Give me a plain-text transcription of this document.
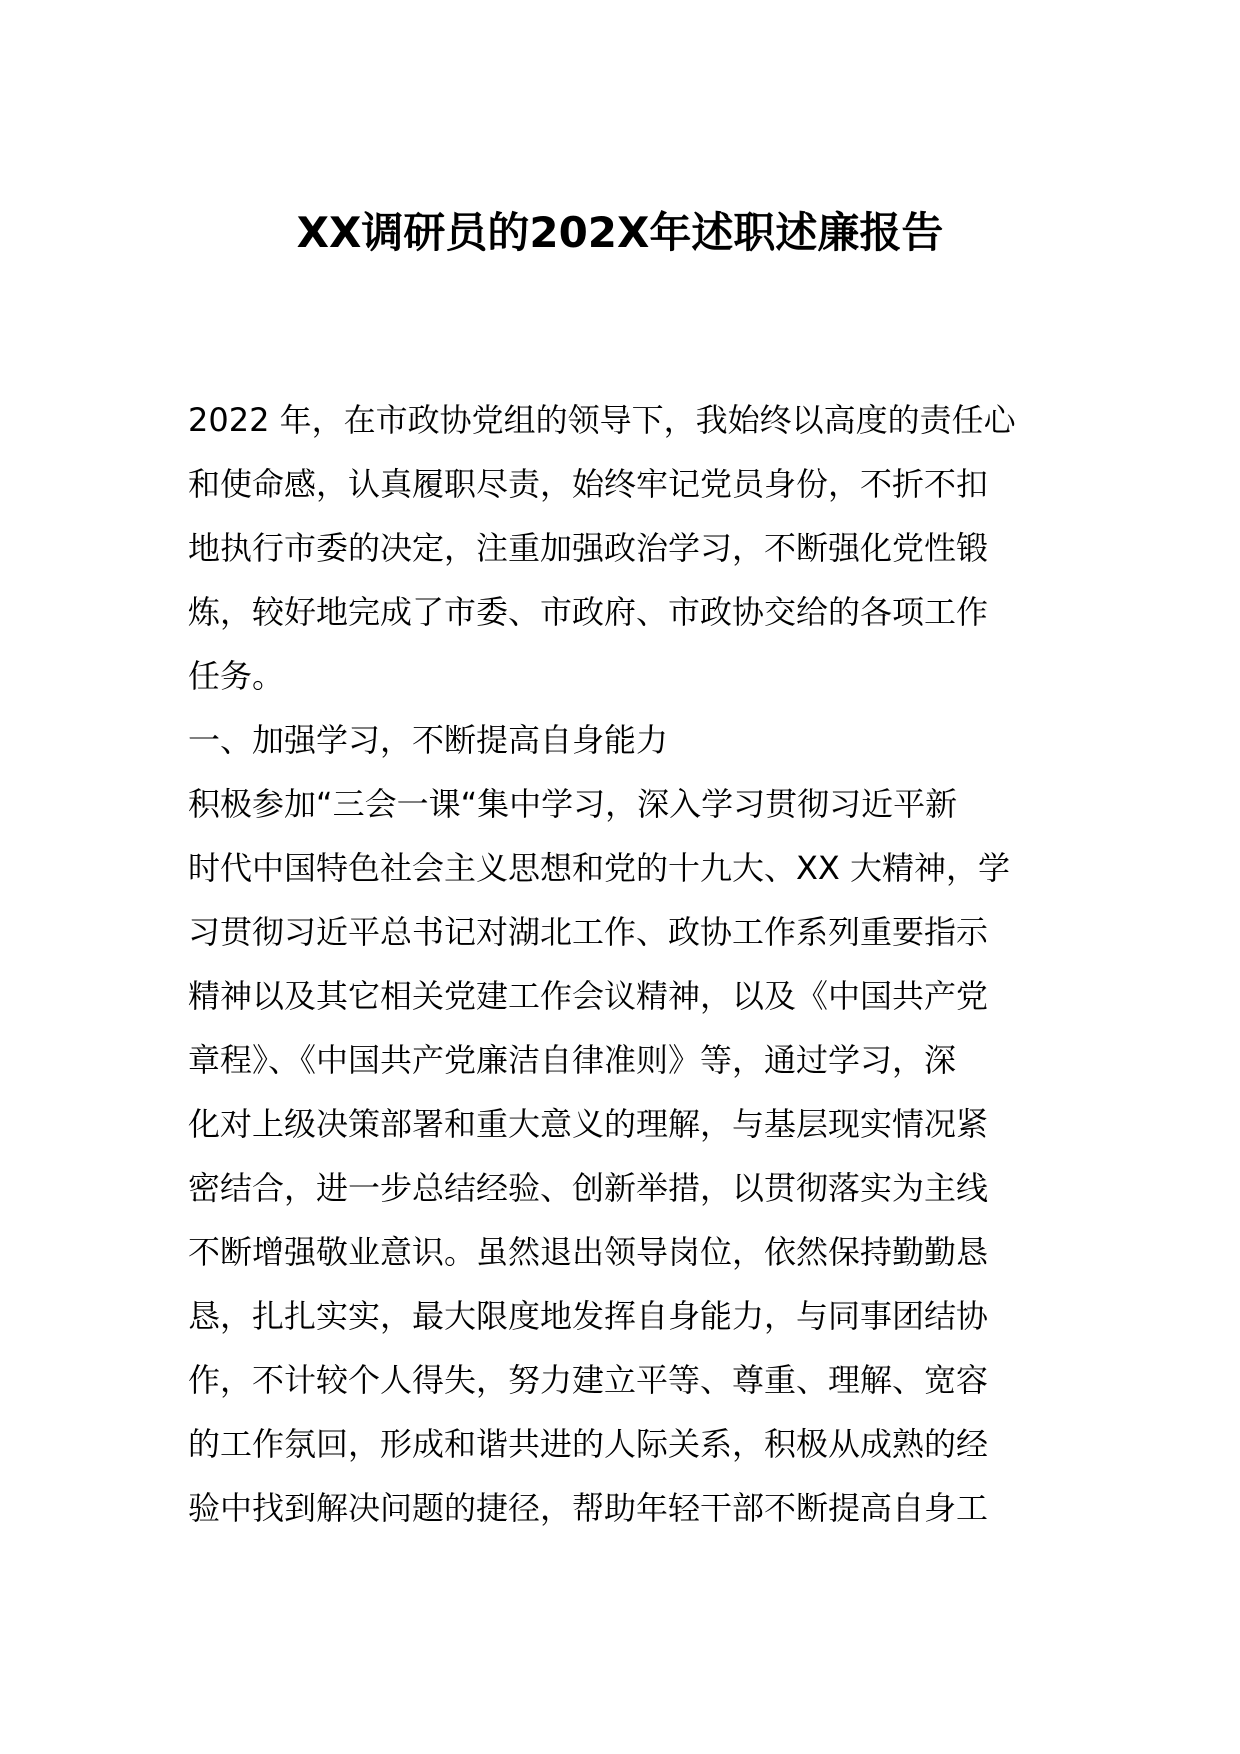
XX调研员的202X年述职述廉报告
2022 年，在市政协党组的领导下，我始终以高度的责任心
和使命感，认真履职尽责，始终牢记党员身份，不折不扣
地执行市委的决定，注重加强政治学习，不断强化党性锻
炼，较好地完成了市委、市政府、市政协交给的各项工作
任务。
一、加强学习，不断提高自身能力
积极参加“三会一课“集中学习，深入学习贯彻习近平新
时代中国特色社会主义思想和党的十九大、XX 大精神，学
习贯彻习近平总书记对湖北工作、政协工作系列重要指示
精神以及其它相关党建工作会议精神，以及《中国共产党
章程》、《中国共产党廉洁自律准则》等，通过学习，深
化对上级决策部署和重大意义的理解，与基层现实情况紧
密结合，进一步总结经验、创新举措，以贯彻落实为主线
不断增强敬业意识。虽然退出领导岗位，依然保持勤勤恳
恳，扎扎实实，最大限度地发挥自身能力，与同事团结协
作，不计较个人得失，努力建立平等、尊重、理解、宽容
的工作氛回，形成和谐共进的人际关系，积极从成熟的经
验中找到解决问题的捷径，帮助年轻干部不断提高自身工
